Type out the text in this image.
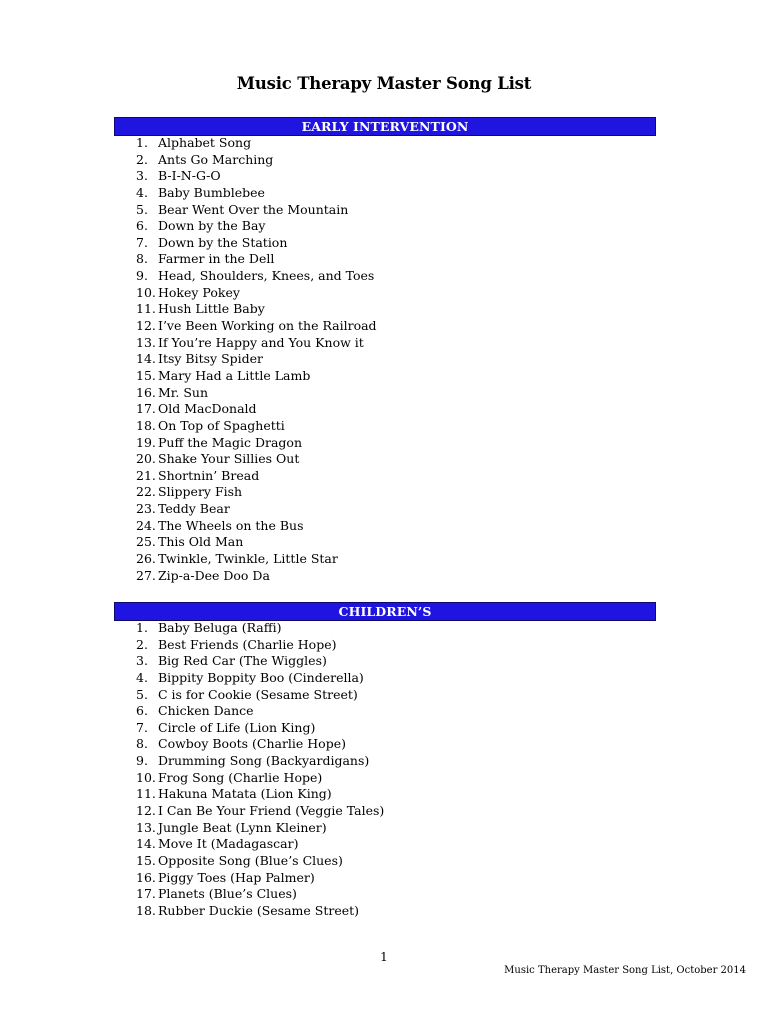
Music Therapy Master Song List
EARLY INTERVENTION
1. Alphabet Song
2. Ants Go Marching
3. B-I-N-G-O
4. Baby Bumblebee
5. Bear Went Over the Mountain
6. Down by the Bay
7. Down by the Station
8. Farmer in the Dell
9. Head, Shoulders, Knees, and Toes
10. Hokey Pokey
11. Hush Little Baby
12. I’ve Been Working on the Railroad
13. If You’re Happy and You Know it
14. Itsy Bitsy Spider
15. Mary Had a Little Lamb
16. Mr. Sun
17. Old MacDonald
18. On Top of Spaghetti
19. Puff the Magic Dragon
20. Shake Your Sillies Out
21. Shortnin’ Bread
22. Slippery Fish
23. Teddy Bear
24. The Wheels on the Bus
25. This Old Man
26. Twinkle, Twinkle, Little Star
27. Zip-a-Dee Doo Da
CHILDREN’S
1. Baby Beluga (Raffi)
2. Best Friends (Charlie Hope)
3. Big Red Car (The Wiggles)
4. Bippity Boppity Boo (Cinderella)
5. C is for Cookie (Sesame Street)
6. Chicken Dance
7. Circle of Life (Lion King)
8. Cowboy Boots (Charlie Hope)
9. Drumming Song (Backyardigans)
10. Frog Song (Charlie Hope)
11. Hakuna Matata (Lion King)
12. I Can Be Your Friend (Veggie Tales)
13. Jungle Beat (Lynn Kleiner)
14. Move It (Madagascar)
15. Opposite Song (Blue’s Clues)
16. Piggy Toes (Hap Palmer)
17. Planets (Blue’s Clues)
18. Rubber Duckie (Sesame Street)
1
Music Therapy Master Song List, October 2014
